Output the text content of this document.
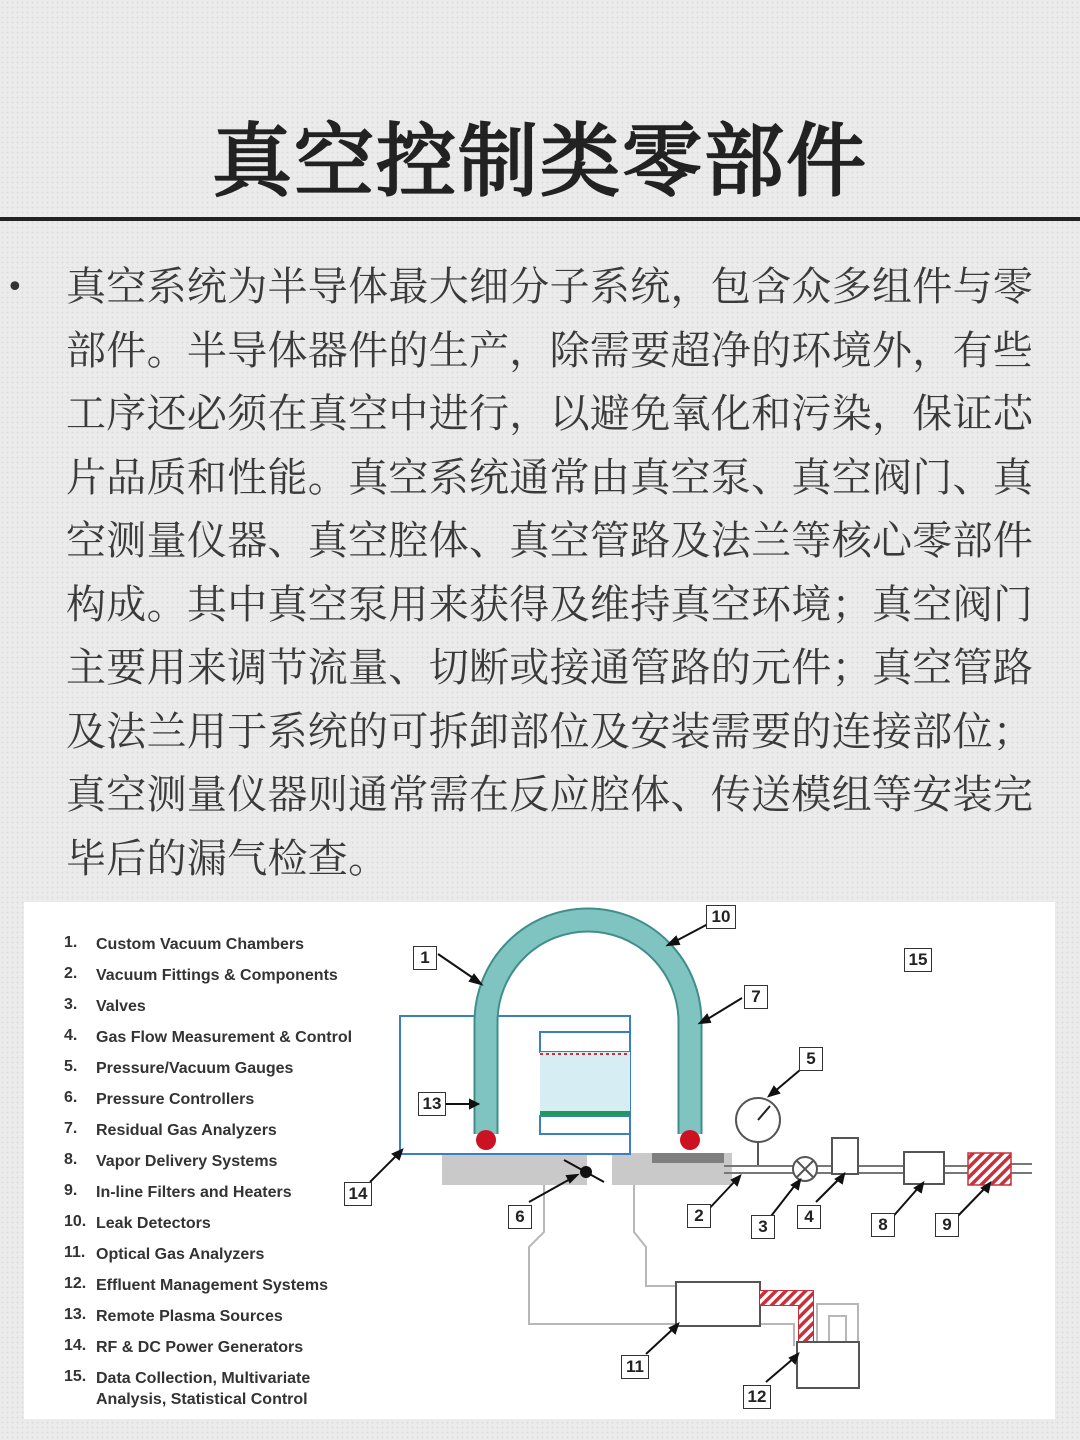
真空控制类零部件
• 真空系统为半导体最大细分子系统，包含众多组件与零部件。半导体器件的生产，除需要超净的环境外，有些工序还必须在真空中进行，以避免氧化和污染，保证芯片品质和性能。真空系统通常由真空泵、真空阀门、真空测量仪器、真空腔体、真空管路及法兰等核心零部件构成。其中真空泵用来获得及维持真空环境；真空阀门主要用来调节流量、切断或接通管路的元件；真空管路及法兰用于系统的可拆卸部位及安装需要的连接部位；真空测量仪器则通常需在反应腔体、传送模组等安装完毕后的漏气检查。
1. Custom Vacuum Chambers
2. Vacuum Fittings & Components
3. Valves
4. Gas Flow Measurement & Control
5. Pressure/Vacuum Gauges
6. Pressure Controllers
7. Residual Gas Analyzers
8. Vapor Delivery Systems
9. In-line Filters and Heaters
10. Leak Detectors
11. Optical Gas Analyzers
12. Effluent Management Systems
13. Remote Plasma Sources
14. RF & DC Power Generators
15. Data Collection, Multivariate
Analysis, Statistical Control
1
2
3
4
5
6
7
8	9
10
11
12
13
14
15
